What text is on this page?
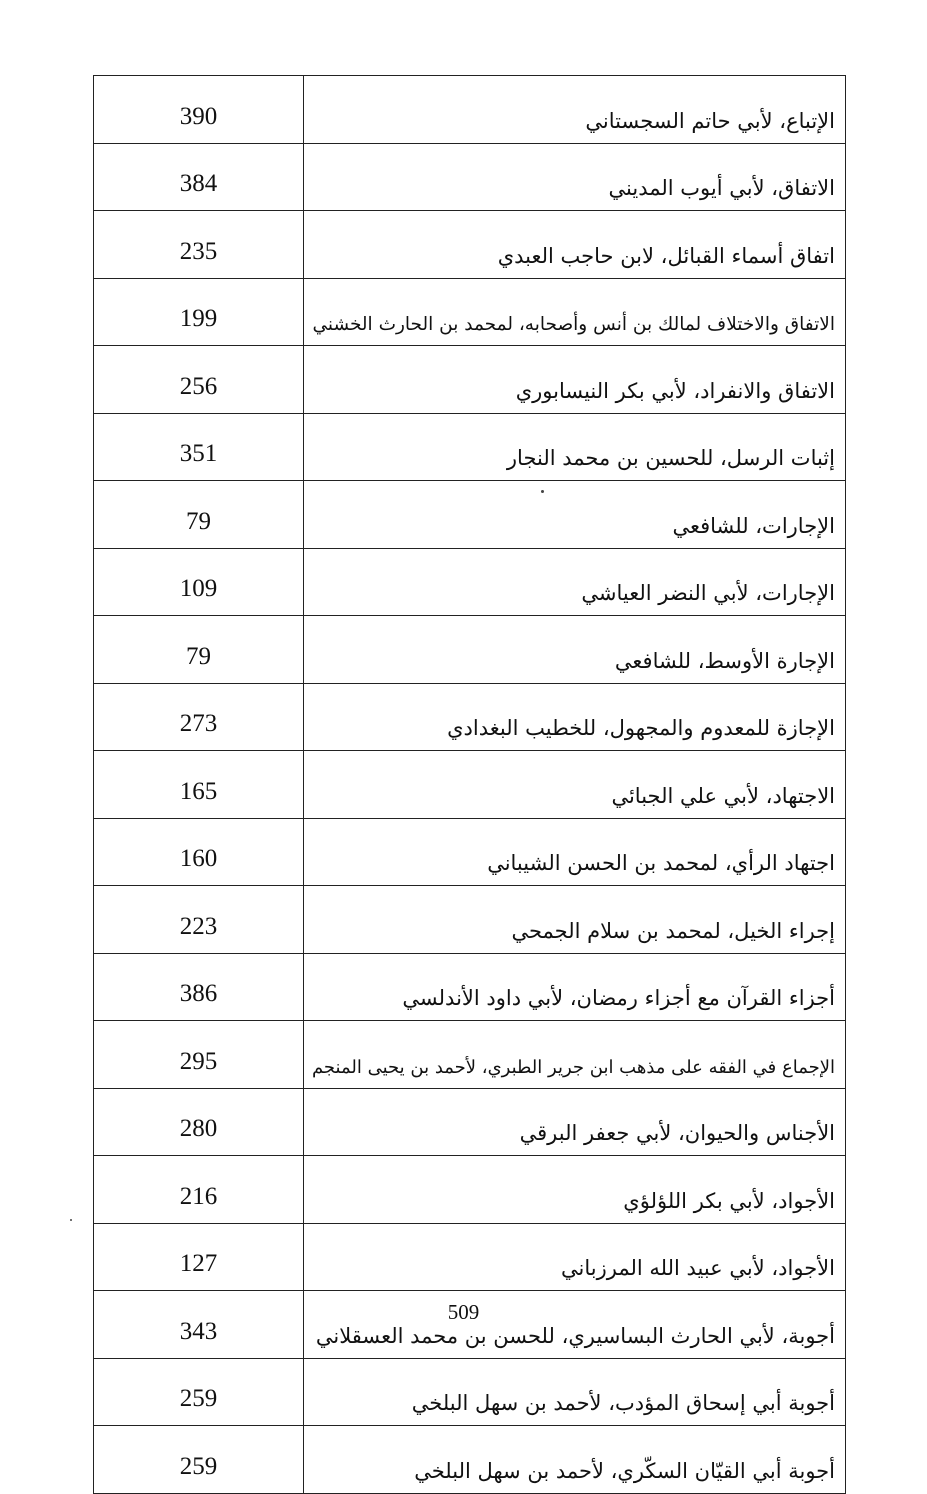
390	الإتباع، لأبي حاتم السجستاني
384	الاتفاق، لأبي أيوب المديني
235	اتفاق أسماء القبائل، لابن حاجب العبدي
199	الاتفاق والاختلاف لمالك بن أنس وأصحابه، لمحمد بن الحارث الخشني
256	الاتفاق والانفراد، لأبي بكر النيسابوري
351	إثبات الرسل، للحسين بن محمد النجار
79	الإجارات، للشافعي
109	الإجارات، لأبي النضر العياشي
79	الإجارة الأوسط، للشافعي
273	الإجازة للمعدوم والمجهول، للخطيب البغدادي
165	الاجتهاد، لأبي علي الجبائي
160	اجتهاد الرأي، لمحمد بن الحسن الشيباني
223	إجراء الخيل، لمحمد بن سلام الجمحي
386	أجزاء القرآن مع أجزاء رمضان، لأبي داود الأندلسي
295	الإجماع في الفقه على مذهب ابن جرير الطبري، لأحمد بن يحيى المنجم
280	الأجناس والحيوان، لأبي جعفر البرقي
216	الأجواد، لأبي بكر اللؤلؤي
127	الأجواد، لأبي عبيد الله المرزباني
343	أجوبة، لأبي الحارث البساسيري، للحسن بن محمد العسقلاني
259	أجوبة أبي إسحاق المؤدب، لأحمد بن سهل البلخي
259	أجوبة أبي القيّان السكّري، لأحمد بن سهل البلخي
509
